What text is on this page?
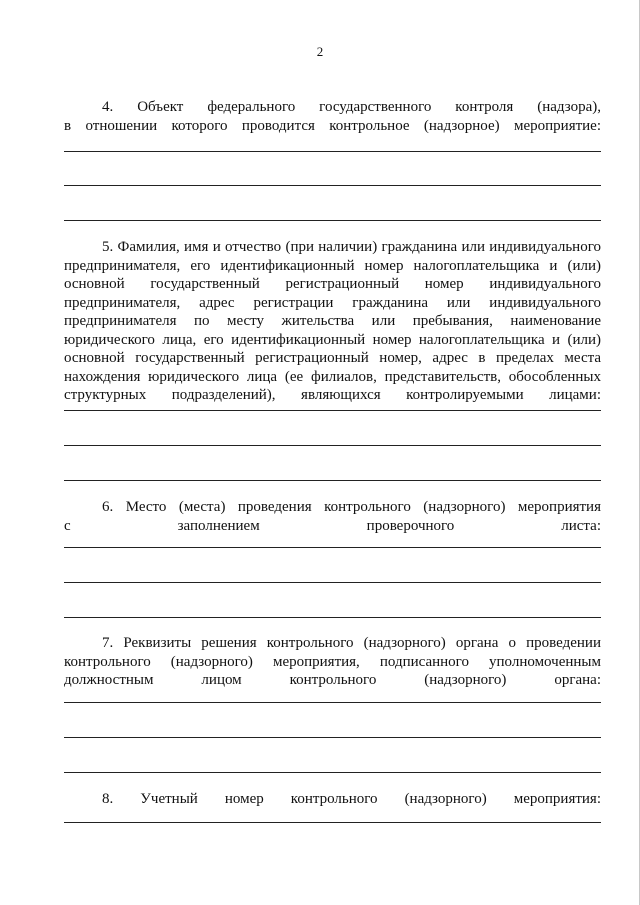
2

4. Объект федерального государственного контроля (надзора),
в отношении которого проводится контрольное (надзорное) мероприятие:

5. Фамилия, имя и отчество (при наличии) гражданина или индивидуального
предпринимателя, его идентификационный номер налогоплательщика и (или)
основной государственный регистрационный номер индивидуального
предпринимателя, адрес регистрации гражданина или индивидуального
предпринимателя по месту жительства или пребывания, наименование
юридического лица, его идентификационный номер налогоплательщика и (или)
основной государственный регистрационный номер, адрес в пределах места
нахождения юридического лица (ее филиалов, представительств, обособленных
структурных подразделений), являющихся контролируемыми лицами:

6. Место (места) проведения контрольного (надзорного) мероприятия
с заполнением проверочного листа:

7. Реквизиты решения контрольного (надзорного) органа о проведении
контрольного (надзорного) мероприятия, подписанного уполномоченным
должностным лицом контрольного (надзорного) органа:

8. Учетный номер контрольного (надзорного) мероприятия:
